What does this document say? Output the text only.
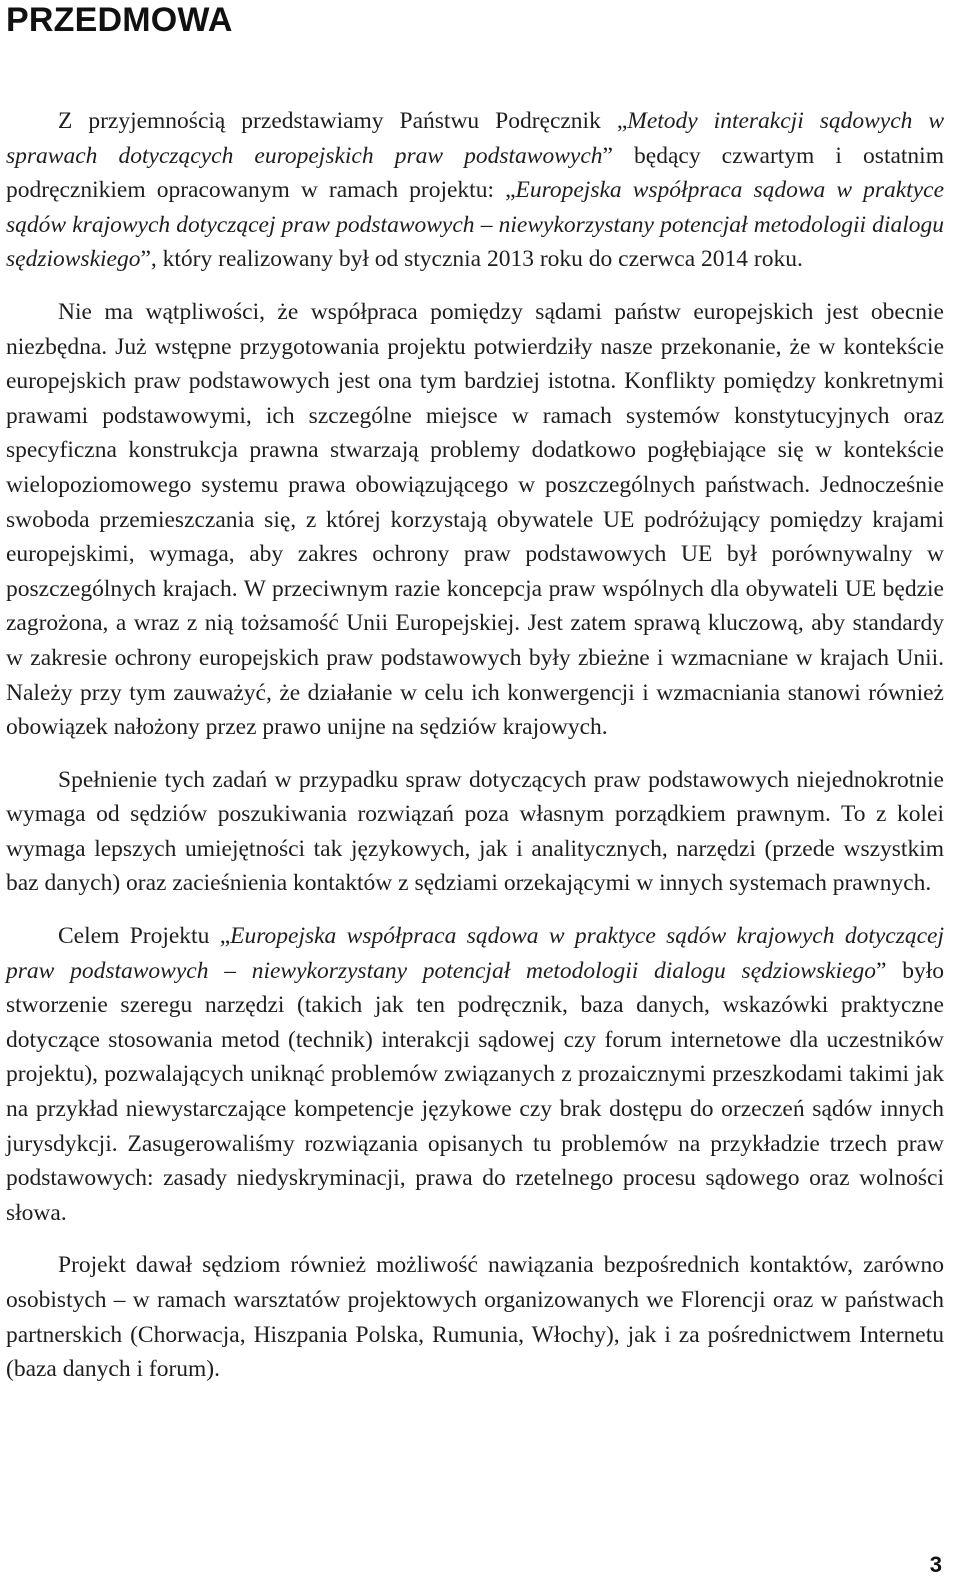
PRZEDMOWA

Z przyjemnością przedstawiamy Państwu Podręcznik „Metody interakcji sądowych w sprawach dotyczących europejskich praw podstawowych” będący czwartym i ostatnim podręcznikiem opracowanym w ramach projektu: „Europejska współpraca sądowa w praktyce sądów krajowych dotyczącej praw podstawowych – niewykorzystany potencjał metodologii dialogu sędziowskiego”, który realizowany był od stycznia 2013 roku do czerwca 2014 roku.

Nie ma wątpliwości, że współpraca pomiędzy sądami państw europejskich jest obecnie niezbędna. Już wstępne przygotowania projektu potwierdziły nasze przekonanie, że w kontekście europejskich praw podstawowych jest ona tym bardziej istotna. Konflikty pomiędzy konkretnymi prawami podstawowymi, ich szczególne miejsce w ramach systemów konstytucyjnych oraz specyficzna konstrukcja prawna stwarzają problemy dodatkowo pogłębiające się w kontekście wielopoziomowego systemu prawa obowiązującego w poszczególnych państwach. Jednocześnie swoboda przemieszczania się, z której korzystają obywatele UE podróżujący pomiędzy krajami europejskimi, wymaga, aby zakres ochrony praw podstawowych UE był porównywalny w poszczególnych krajach. W przeciwnym razie koncepcja praw wspólnych dla obywateli UE będzie zagrożona, a wraz z nią tożsamość Unii Europejskiej. Jest zatem sprawą kluczową, aby standardy w zakresie ochrony europejskich praw podstawowych były zbieżne i wzmacniane w krajach Unii. Należy przy tym zauważyć, że działanie w celu ich konwergencji i wzmacniania stanowi również obowiązek nałożony przez prawo unijne na sędziów krajowych.

Spełnienie tych zadań w przypadku spraw dotyczących praw podstawowych niejednokrotnie wymaga od sędziów poszukiwania rozwiązań poza własnym porządkiem prawnym. To z kolei wymaga lepszych umiejętności tak językowych, jak i analitycznych, narzędzi (przede wszystkim baz danych) oraz zacieśnienia kontaktów z sędziami orzekającymi w innych systemach prawnych.

Celem Projektu „Europejska współpraca sądowa w praktyce sądów krajowych dotyczącej praw podstawowych – niewykorzystany potencjał metodologii dialogu sędziowskiego” było stworzenie szeregu narzędzi (takich jak ten podręcznik, baza danych, wskazówki praktyczne dotyczące stosowania metod (technik) interakcji sądowej czy forum internetowe dla uczestników projektu), pozwalających uniknąć problemów związanych z prozaicznymi przeszkodami takimi jak na przykład niewystarczające kompetencje językowe czy brak dostępu do orzeczeń sądów innych jurysdykcji. Zasugerowaliśmy rozwiązania opisanych tu problemów na przykładzie trzech praw podstawowych: zasady niedyskryminacji, prawa do rzetelnego procesu sądowego oraz wolności słowa.

Projekt dawał sędziom również możliwość nawiązania bezpośrednich kontaktów, zarówno osobistych – w ramach warsztatów projektowych organizowanych we Florencji oraz w państwach partnerskich (Chorwacja, Hiszpania Polska, Rumunia, Włochy), jak i za pośrednictwem Internetu (baza danych i forum).

3
